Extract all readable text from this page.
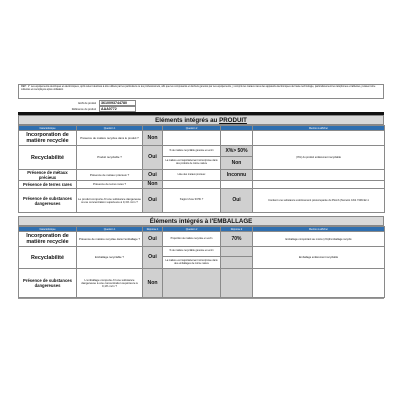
REP : 1° Les équipements électriques et électroniques, qu'ils soient destinés à être utilisés par les particuliers ou les professionnels, afin que les composants et déchets générés par ces équipements, y compris les métaux rares des appareils électroniques de haute technologie, particulièrement les téléphones et tablettes, puissent être collectés et réemployés après utilisation
EAN du produit	3610093744780
Référence du produit	AAA0772
Eléments intégrés au PRODUIT
Caractéristique	Question 1		Question 2		Mention à afficher
Incorporation de matière recyclée	Présence de matière recyclée dans le produit ?	Non			
Recyclabilité	Produit recyclable ?	Oui	% de matière recyclable générée en en/m	X%> 50%	(X%) du produit entièrement recyclable
			La matière est majoritairement réincorporée dans des produits de même nature	Non	
Présence de métaux précieux	Présence de métaux précieux ?	Oui	Liste des métaux précieux	Inconnu	
Présence de terres rares	Présence de terres rares ?	Non			
Présence de substances dangereuses	Le produit comporte-t'il une substance dangereuse à une concentration supérieure à 0,1% m/m ?	Oui	S'agit-il d'une SVHC ?	Oui	Contient une substance extrêmement préoccupante du Plomb (Numéro CAS 7439-92-1
Éléments intégrés à l'EMBALLAGE
Caractéristique	Question 1	Réponse 1	Question 2	Réponse 2	Mention à afficher
Incorporation de matière recyclée	Présence de matière recyclée dans l'emballage ?	Oui	Proportion de matière recyclée en en/m	70%	Emballage comportant au moins (x%)d'emballage recyclé
Recyclabilité	Emballage recyclable ?	Oui	% de matière recyclable générée en en/m		Emballage entièrement recyclable
			La matière est majoritairement réincorporée dans des emballages de même nature		
Présence de substances dangereuses	L'emballage comporte-t'il une substance dangereuse à une concentration supérieure à 0,1% m/m ?	Non			
